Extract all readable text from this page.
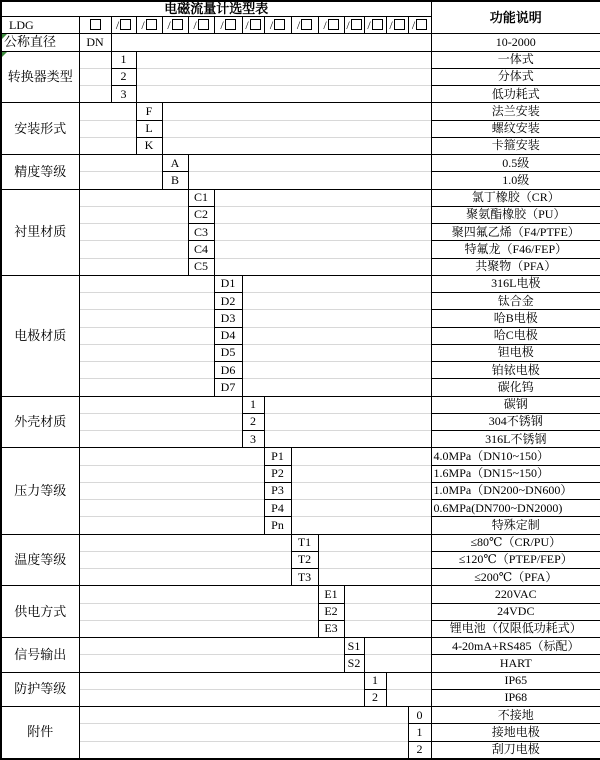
电磁流量计选型表															功能说明
LDG		/	/	/	/	/	/	/	/	/	/	/	/	/	
公称直径	DN														10-2000
转换器类型		1													一体式
		2													分体式
		3													低功耗式
安装形式			F												法兰安装
			L												螺纹安装
			K												卡箍安装
精度等级				A											0.5级
				B											1.0级
衬里材质					C1										氯丁橡胶（CR）
					C2										聚氨酯橡胶（PU）
					C3										聚四氟乙烯（F4/PTFE）
					C4										特氟龙（F46/FEP）
					C5										共聚物（PFA）
电极材质						D1									316L电极
						D2									钛合金
						D3									哈B电极
						D4									哈C电极
						D5									钽电极
						D6									铂铱电极
						D7									碳化钨
外壳材质							1								碳钢
							2								304不锈钢
							3								316L不锈钢
压力等级								P1							4.0MPa（DN10~150）
								P2							1.6MPa（DN15~150）
								P3							1.0MPa（DN200~DN600）
								P4							0.6MPa(DN700~DN2000)
								Pn							特殊定制
温度等级									T1						≤80℃（CR/PU）
									T2						≤120℃（PTEP/FEP）
									T3						≤200℃（PFA）
供电方式										E1					220VAC
										E2					24VDC
										E3					锂电池（仅限低功耗式）
信号输出											S1				4-20mA+RS485（标配）
											S2				HART
防护等级												1			IP65
												2			IP68
附件														0	不接地
														1	接地电极
														2	刮刀电极
